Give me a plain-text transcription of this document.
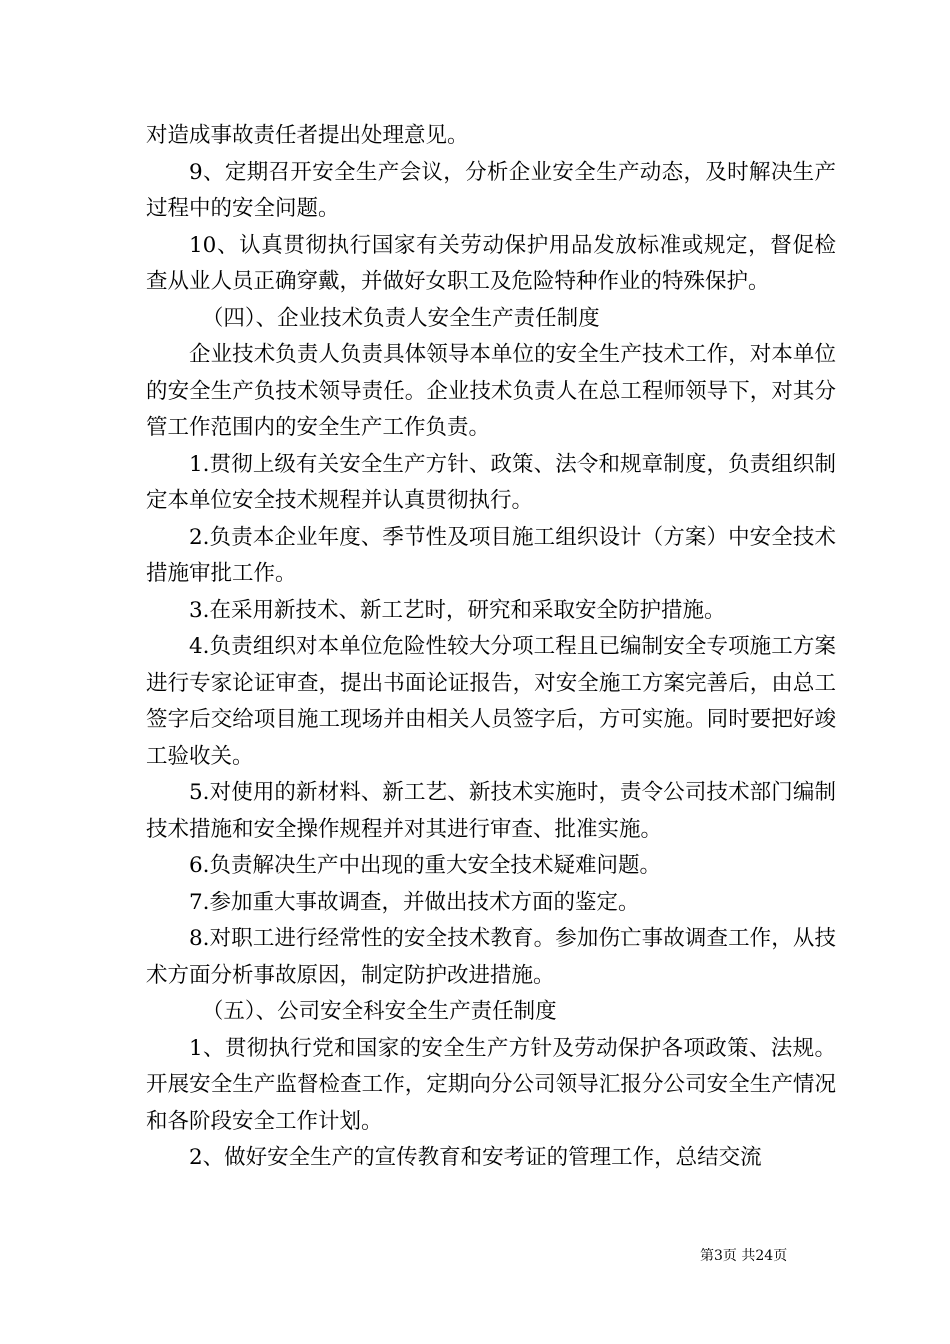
对造成事故责任者提出处理意见。

9、定期召开安全生产会议，分析企业安全生产动态，及时解决生产过程中的安全问题。

10、认真贯彻执行国家有关劳动保护用品发放标准或规定，督促检查从业人员正确穿戴，并做好女职工及危险特种作业的特殊保护。

（四）、企业技术负责人安全生产责任制度

企业技术负责人负责具体领导本单位的安全生产技术工作，对本单位的安全生产负技术领导责任。企业技术负责人在总工程师领导下，对其分管工作范围内的安全生产工作负责。

1.贯彻上级有关安全生产方针、政策、法令和规章制度，负责组织制定本单位安全技术规程并认真贯彻执行。

2.负责本企业年度、季节性及项目施工组织设计（方案）中安全技术措施审批工作。

3.在采用新技术、新工艺时，研究和采取安全防护措施。

4.负责组织对本单位危险性较大分项工程且已编制安全专项施工方案进行专家论证审查，提出书面论证报告，对安全施工方案完善后，由总工签字后交给项目施工现场并由相关人员签字后，方可实施。同时要把好竣工验收关。

5.对使用的新材料、新工艺、新技术实施时，责令公司技术部门编制技术措施和安全操作规程并对其进行审查、批准实施。

6.负责解决生产中出现的重大安全技术疑难问题。

7.参加重大事故调查，并做出技术方面的鉴定。

8.对职工进行经常性的安全技术教育。参加伤亡事故调查工作，从技术方面分析事故原因，制定防护改进措施。

（五）、公司安全科安全生产责任制度

1、贯彻执行党和国家的安全生产方针及劳动保护各项政策、法规。开展安全生产监督检查工作，定期向分公司领导汇报分公司安全生产情况和各阶段安全工作计划。

2、做好安全生产的宣传教育和安考证的管理工作，总结交流

第3页 共24页
